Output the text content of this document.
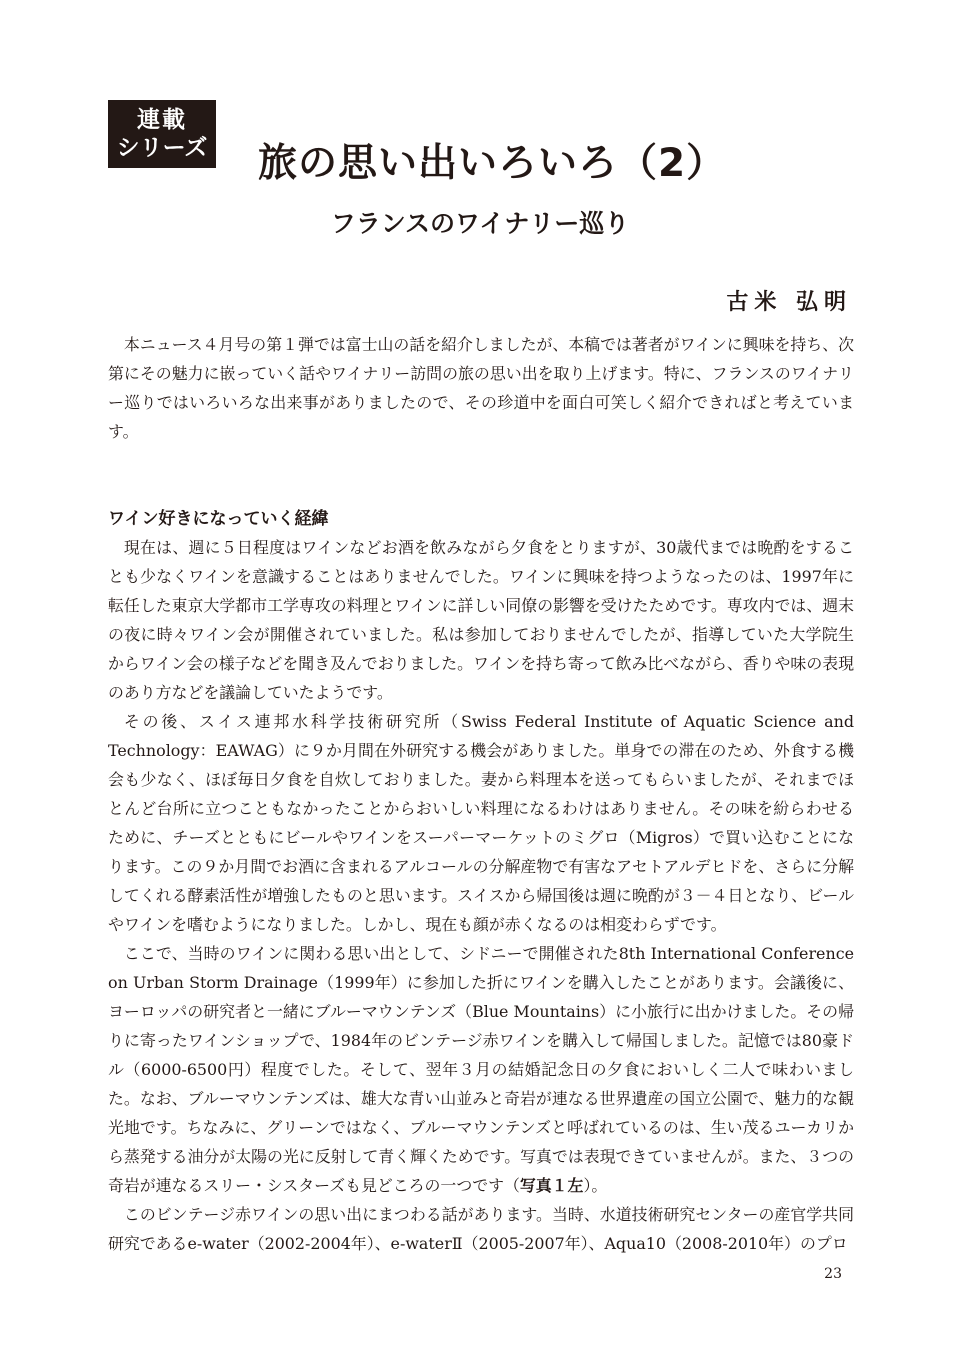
連載
シリーズ 旅の思い出いろいろ（2）
フランスのワイナリー巡り
古米 弘明

本ニュース４月号の第１弾では富士山の話を紹介しましたが、本稿では著者がワインに興味を持ち、次第にその魅力に嵌っていく話やワイナリー訪問の旅の思い出を取り上げます。特に、フランスのワイナリー巡りではいろいろな出来事がありましたので、その珍道中を面白可笑しく紹介できればと考えています。

ワイン好きになっていく経緯

現在は、週に５日程度はワインなどお酒を飲みながら夕食をとりますが、30歳代までは晩酌をすることも少なくワインを意識することはありませんでした。ワインに興味を持つようなったのは、1997年に転任した東京大学都市工学専攻の料理とワインに詳しい同僚の影響を受けたためです。専攻内では、週末の夜に時々ワイン会が開催されていました。私は参加しておりませんでしたが、指導していた大学院生からワイン会の様子などを聞き及んでおりました。ワインを持ち寄って飲み比べながら、香りや味の表現のあり方などを議論していたようです。

その後、スイス連邦水科学技術研究所（Swiss Federal Institute of Aquatic Science and Technology：EAWAG）に９か月間在外研究する機会がありました。単身での滞在のため、外食する機会も少なく、ほぼ毎日夕食を自炊しておりました。妻から料理本を送ってもらいましたが、それまでほとんど台所に立つこともなかったことからおいしい料理になるわけはありません。その味を紛らわせるために、チーズとともにビールやワインをスーパーマーケットのミグロ（Migros）で買い込むことになります。この９か月間でお酒に含まれるアルコールの分解産物で有害なアセトアルデヒドを、さらに分解してくれる酵素活性が増強したものと思います。スイスから帰国後は週に晩酌が３－４日となり、ビールやワインを嗜むようになりました。しかし、現在も顔が赤くなるのは相変わらずです。

ここで、当時のワインに関わる思い出として、シドニーで開催された8th International Conference on Urban Storm Drainage（1999年）に参加した折にワインを購入したことがあります。会議後に、ヨーロッパの研究者と一緒にブルーマウンテンズ（Blue Mountains）に小旅行に出かけました。その帰りに寄ったワインショップで、1984年のビンテージ赤ワインを購入して帰国しました。記憶では80豪ドル（6000-6500円）程度でした。そして、翌年３月の結婚記念日の夕食においしく二人で味わいました。なお、ブルーマウンテンズは、雄大な青い山並みと奇岩が連なる世界遺産の国立公園で、魅力的な観光地です。ちなみに、グリーンではなく、ブルーマウンテンズと呼ばれているのは、生い茂るユーカリから蒸発する油分が太陽の光に反射して青く輝くためです。写真では表現できていませんが。また、３つの奇岩が連なるスリー・シスターズも見どころの一つです（写真１左）。

このビンテージ赤ワインの思い出にまつわる話があります。当時、水道技術研究センターの産官学共同研究であるe-water（2002-2004年）、e-waterⅡ（2005-2007年）、Aqua10（2008-2010年）のプロ

23
